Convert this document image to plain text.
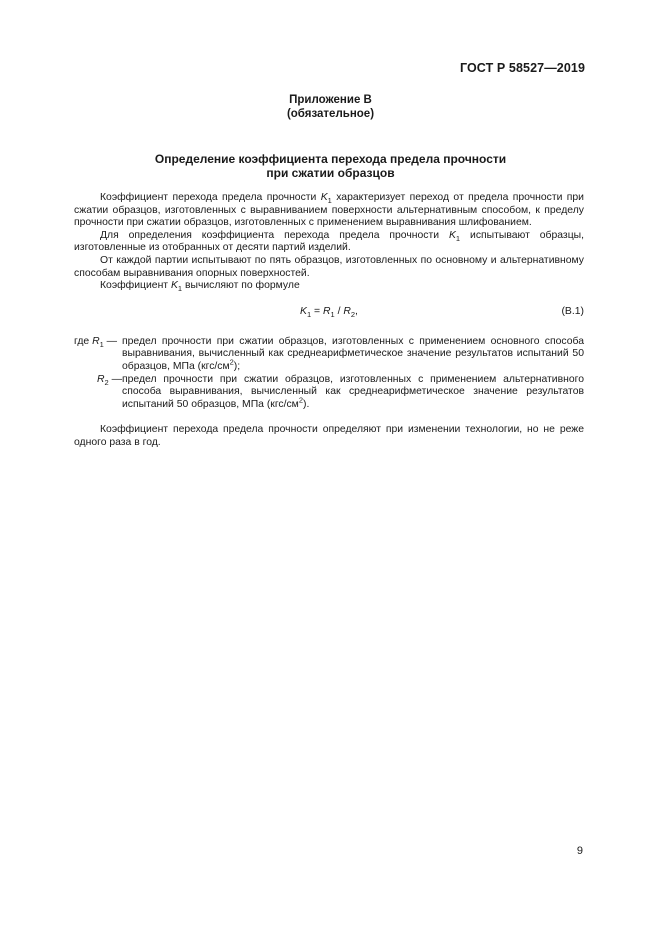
ГОСТ Р 58527—2019
Приложение В
(обязательное)
Определение коэффициента перехода предела прочности
при сжатии образцов

Коэффициент перехода предела прочности $K_1$ характеризует переход от предела прочности при сжатии образцов, изготовленных с выравниванием поверхности альтернативным способом, к пределу прочности при сжатии образцов, изготовленных с применением выравнивания шлифованием.

Для определения коэффициента перехода предела прочности $K_1$ испытывают образцы, изготовленные из отобранных от десяти партий изделий.

От каждой партии испытывают по пять образцов, изготовленных по основному и альтернативному способам выравнивания опорных поверхностей.

Коэффициент $K_1$ вычисляют по формуле

$K_1 = R_1 / R_2$,	(В.1)
где $R_1$ — предел прочности при сжатии образцов, изготовленных с применением основного способа выравнивания, вычисленный как среднеарифметическое значение результатов испытаний 50 образцов, МПа $(кгс/см^2)$;
$R_2$ — предел прочности при сжатии образцов, изготовленных с применением альтернативного способа выравнивания, вычисленный как среднеарифметическое значение результатов испытаний 50 образцов, МПа $(кгс/см^2)$.

Коэффициент перехода предела прочности определяют при изменении технологии, но не реже одного раза в год.

9
